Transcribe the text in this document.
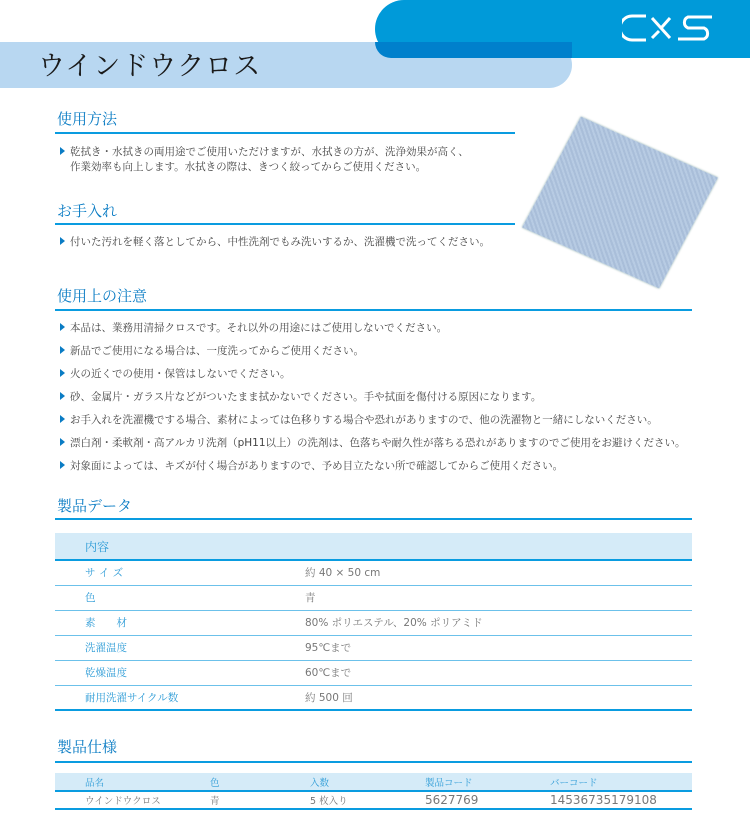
ウインドウクロス
使用方法
乾拭き・水拭きの両用途でご使用いただけますが、水拭きの方が、洗浄効果が高く、
作業効率も向上します。水拭きの際は、きつく絞ってからご使用ください。
お手入れ
付いた汚れを軽く落としてから、中性洗剤でもみ洗いするか、洗濯機で洗ってください。
使用上の注意
本品は、業務用清掃クロスです。それ以外の用途にはご使用しないでください。
新品でご使用になる場合は、一度洗ってからご使用ください。
火の近くでの使用・保管はしないでください。
砂、金属片・ガラス片などがついたまま拭かないでください。手や拭面を傷付ける原因になります。
お手入れを洗濯機でする場合、素材によっては色移りする場合や恐れがありますので、他の洗濯物と一緒にしないください。
漂白剤・柔軟剤・高アルカリ洗剤（pH11以上）の洗剤は、色落ちや耐久性が落ちる恐れがありますのでご使用をお避けください。
対象面によっては、キズが付く場合がありますので、予め目立たない所で確認してからご使用ください。
製品データ
内容	
サ イ ズ	約 40 × 50 cm
色	青
素　　材	80% ポリエステル、20% ポリアミド
洗濯温度	95℃まで
乾燥温度	60℃まで
耐用洗濯サイクル数	約 500 回
製品仕様
品名	色	入数	製品コード	バーコード
ウインドウクロス	青	5 枚入り	5627769	14536735179108
